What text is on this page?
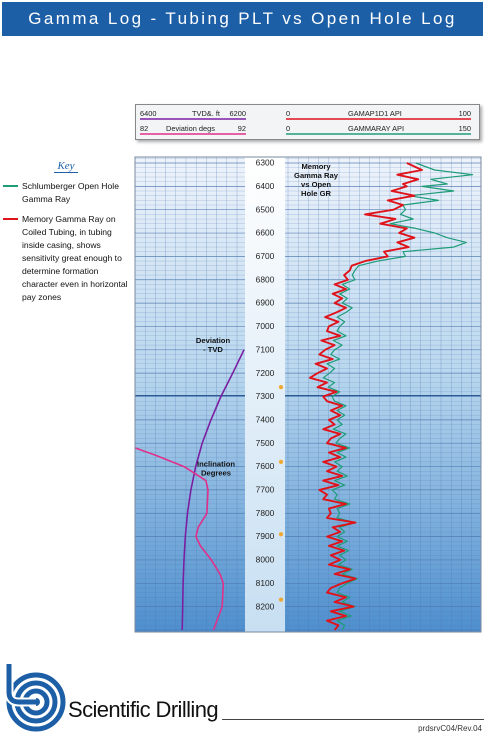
Gamma Log - Tubing PLT vs Open Hole Log
6400	TVD&. ft 6200
82 Deviation degs	92
0	GAMAP1D1 API	100
0	GAMMARAY API	150
Key
Schlumberger Open Hole Gamma Ray
Memory Gamma Ray on Coiled Tubing, in tubing inside casing, shows sensitivity great enough to determine formation character even in horizontal pay zones
6300
6400
6500
6600
6700
6800
6900
7000
7100
7200
7300
7400
7500
7600
7700
7800
7900
8000
8100
8200
Memory Gamma Ray vs Open Hole GR
Deviation - TVD
Inclination Degrees
Scientific Drilling
prdsrvC04/Rev.04
